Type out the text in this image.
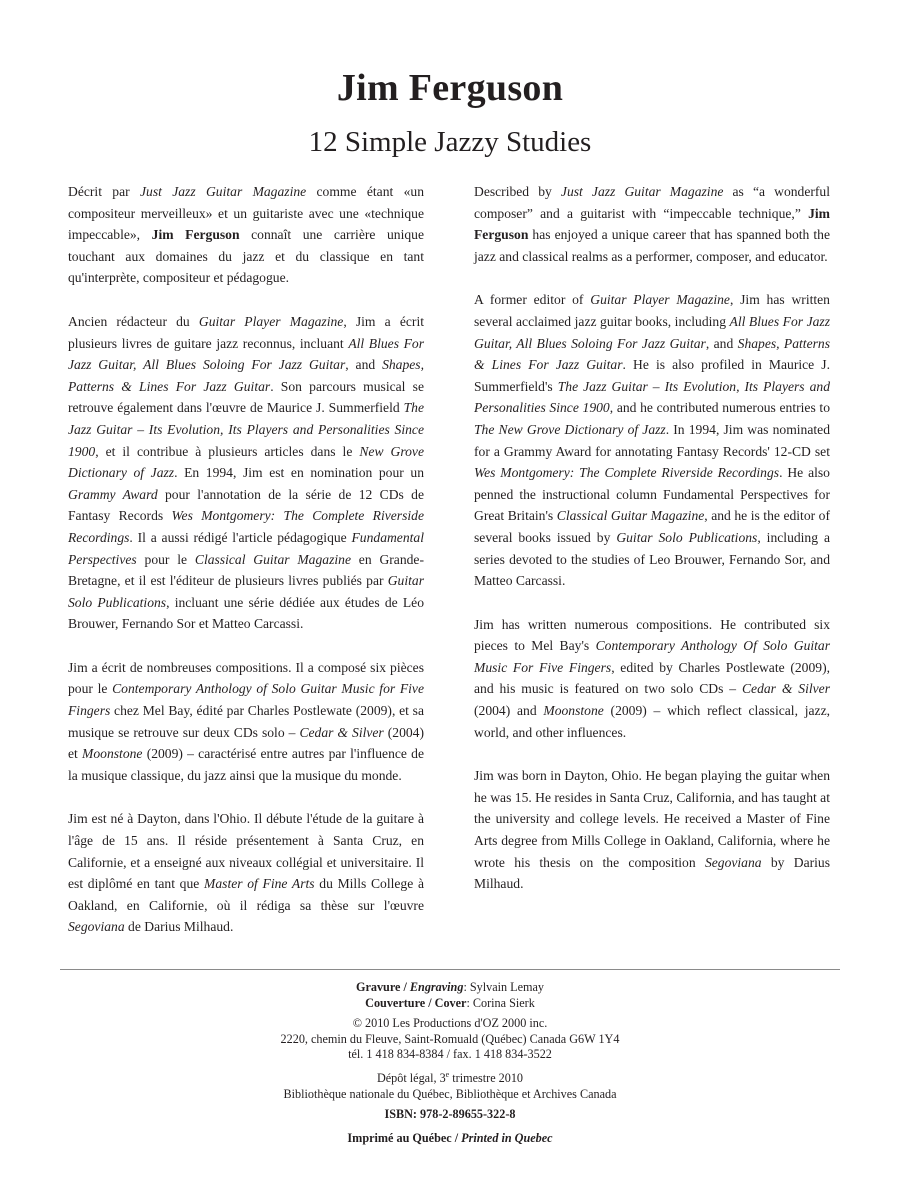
Jim Ferguson
12 Simple Jazzy Studies

Décrit par Just Jazz Guitar Magazine comme étant «un compositeur merveilleux» et un guitariste avec une «technique impeccable», Jim Ferguson connaît une carrière unique touchant aux domaines du jazz et du classique en tant qu'interprète, compositeur et pédagogue.

Ancien rédacteur du Guitar Player Magazine, Jim a écrit plusieurs livres de guitare jazz reconnus, incluant All Blues For Jazz Guitar, All Blues Soloing For Jazz Guitar, and Shapes, Patterns & Lines For Jazz Guitar. Son parcours musical se retrouve également dans l'œuvre de Maurice J. Summerfield The Jazz Guitar – Its Evolution, Its Players and Personalities Since 1900, et il contribue à plusieurs articles dans le New Grove Dictionary of Jazz. En 1994, Jim est en nomination pour un Grammy Award pour l'annotation de la série de 12 CDs de Fantasy Records Wes Montgomery: The Complete Riverside Recordings. Il a aussi rédigé l'article pédagogique Fundamental Perspectives pour le Classical Guitar Magazine en Grande-Bretagne, et il est l'éditeur de plusieurs livres publiés par Guitar Solo Publications, incluant une série dédiée aux études de Léo Brouwer, Fernando Sor et Matteo Carcassi.

Jim a écrit de nombreuses compositions. Il a composé six pièces pour le Contemporary Anthology of Solo Guitar Music for Five Fingers chez Mel Bay, édité par Charles Postlewate (2009), et sa musique se retrouve sur deux CDs solo – Cedar & Silver (2004) et Moonstone (2009) – caractérisé entre autres par l'influence de la musique classique, du jazz ainsi que la musique du monde.

Jim est né à Dayton, dans l'Ohio. Il débute l'étude de la guitare à l'âge de 15 ans. Il réside présentement à Santa Cruz, en Californie, et a enseigné aux niveaux collégial et universitaire. Il est diplômé en tant que Master of Fine Arts du Mills College à Oakland, en Californie, où il rédiga sa thèse sur l'œuvre Segoviana de Darius Milhaud.

Described by Just Jazz Guitar Magazine as “a wonderful composer” and a guitarist with “impeccable technique,” Jim Ferguson has enjoyed a unique career that has spanned both the jazz and classical realms as a performer, composer, and educator.

A former editor of Guitar Player Magazine, Jim has written several acclaimed jazz guitar books, including All Blues For Jazz Guitar, All Blues Soloing For Jazz Guitar, and Shapes, Patterns & Lines For Jazz Guitar. He is also profiled in Maurice J. Summerfield's The Jazz Guitar – Its Evolution, Its Players and Personalities Since 1900, and he contributed numerous entries to The New Grove Dictionary of Jazz. In 1994, Jim was nominated for a Grammy Award for annotating Fantasy Records' 12-CD set Wes Montgomery: The Complete Riverside Recordings. He also penned the instructional column Fundamental Perspectives for Great Britain's Classical Guitar Magazine, and he is the editor of several books issued by Guitar Solo Publications, including a series devoted to the studies of Leo Brouwer, Fernando Sor, and Matteo Carcassi.

Jim has written numerous compositions. He contributed six pieces to Mel Bay's Contemporary Anthology Of Solo Guitar Music For Five Fingers, edited by Charles Postlewate (2009), and his music is featured on two solo CDs – Cedar & Silver (2004) and Moonstone (2009) – which reflect classical, jazz, world, and other influences.

Jim was born in Dayton, Ohio. He began playing the guitar when he was 15. He resides in Santa Cruz, California, and has taught at the university and college levels. He received a Master of Fine Arts degree from Mills College in Oakland, California, where he wrote his thesis on the composition Segoviana by Darius Milhaud.

Gravure / Engraving: Sylvain Lemay
Couverture / Cover: Corina Sierk
© 2010 Les Productions d'OZ 2000 inc.
2220, chemin du Fleuve, Saint-Romuald (Québec) Canada G6W 1Y4
tél. 1 418 834-8384 / fax. 1 418 834-3522
Dépôt légal, 3e trimestre 2010
Bibliothèque nationale du Québec, Bibliothèque et Archives Canada
ISBN: 978-2-89655-322-8
Imprimé au Québec / Printed in Quebec
